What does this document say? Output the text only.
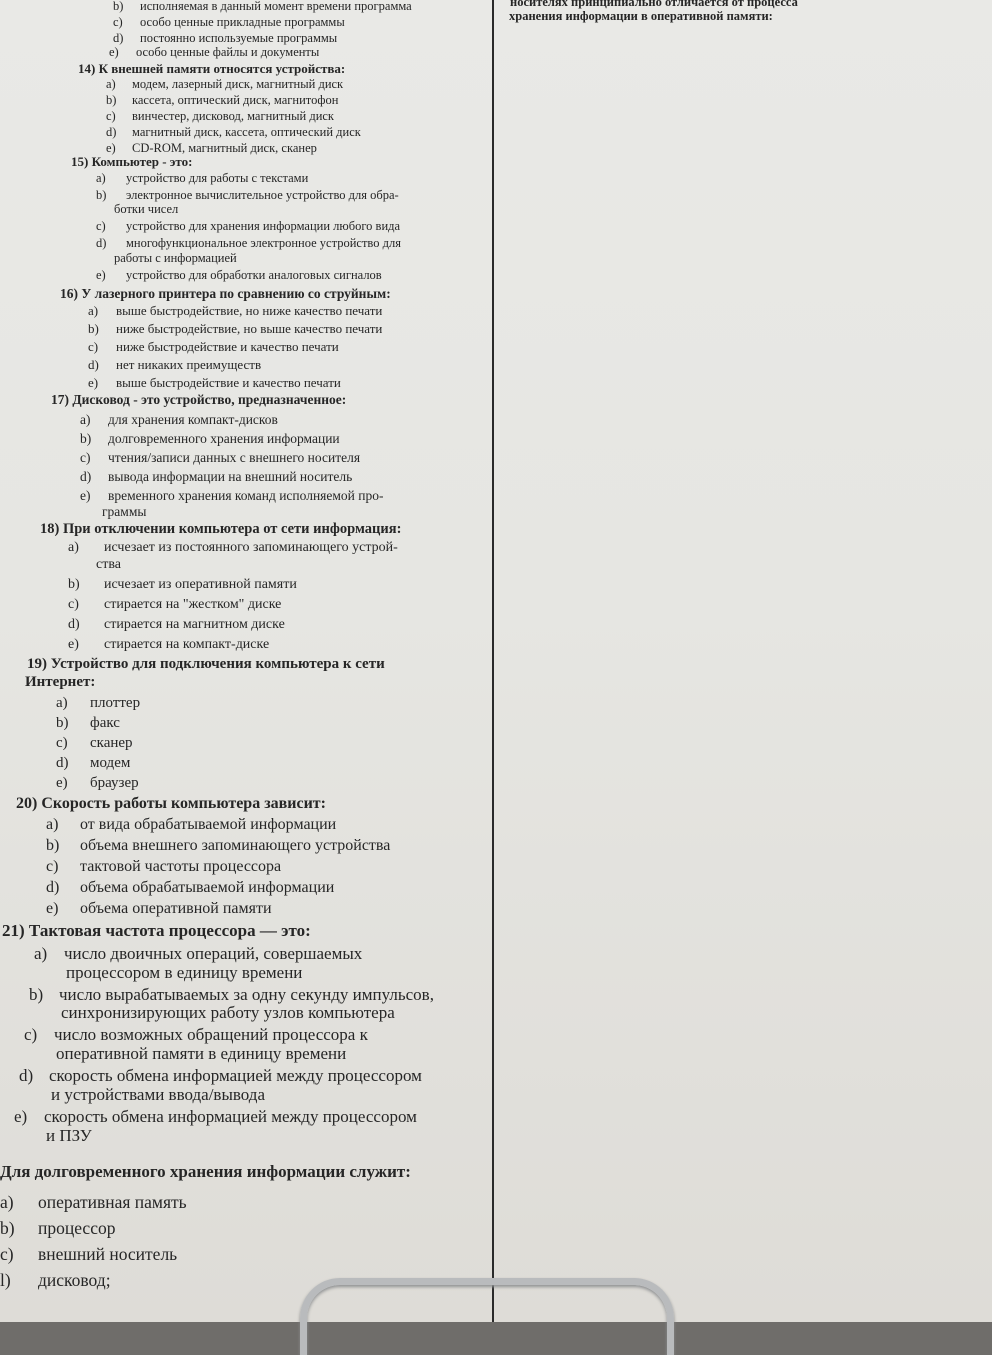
b) исполняемая в данный момент времени программа
c) особо ценные прикладные программы
d) постоянно используемые программы
e) особо ценные файлы и документы
14) К внешней памяти относятся устройства:
a) модем, лазерный диск, магнитный диск
b) кассета, оптический диск, магнитофон
c) винчестер, дисковод, магнитный диск
d) магнитный диск, кассета, оптический диск
e) CD-ROM, магнитный диск, сканер
15) Компьютер - это:
a) устройство для работы с текстами
b) электронное вычислительное устройство для обра-
ботки чисел
c) устройство для хранения информации любого вида
d) многофункциональное электронное устройство для
работы с информацией
e) устройство для обработки аналоговых сигналов
16) У лазерного принтера по сравнению со струйным:
a) выше быстродействие, но ниже качество печати
b) ниже быстродействие, но выше качество печати
c) ниже быстродействие и качество печати
d) нет никаких преимуществ
e) выше быстродействие и качество печати
17) Дисковод - это устройство, предназначенное:
a) для хранения компакт-дисков
b) долговременного хранения информации
c) чтения/записи данных с внешнего носителя
d) вывода информации на внешний носитель
e) временного хранения команд исполняемой про-
граммы
18) При отключении компьютера от сети информация:
a) исчезает из постоянного запоминающего устрой-
ства
b) исчезает из оперативной памяти
c) стирается на "жестком" диске
d) стирается на магнитном диске
e) стирается на компакт-диске
19) Устройство для подключения компьютера к сети
Интернет:
a) плоттер
b) факс
c) сканер
d) модем
e) браузер
20) Скорость работы компьютера зависит:
a) от вида обрабатываемой информации
b) объема внешнего запоминающего устройства
c) тактовой частоты процессора
d) объема обрабатываемой информации
e) объема оперативной памяти
21) Тактовая частота процессора — это:
a) число двоичных операций, совершаемых
процессором в единицу времени
b) число вырабатываемых за одну секунду импульсов,
синхронизирующих работу узлов компьютера
c) число возможных обращений процессора к
оперативной памяти в единицу времени
d) скорость обмена информацией между процессором
и устройствами ввода/вывода
e) скорость обмена информацией между процессором
и ПЗУ
Для долговременного хранения информации служит:
a) оперативная память
b) процессор
c) внешний носитель
l) дисковод;
носителях принципиально отличается от процесса
хранения информации в оперативной памяти:
